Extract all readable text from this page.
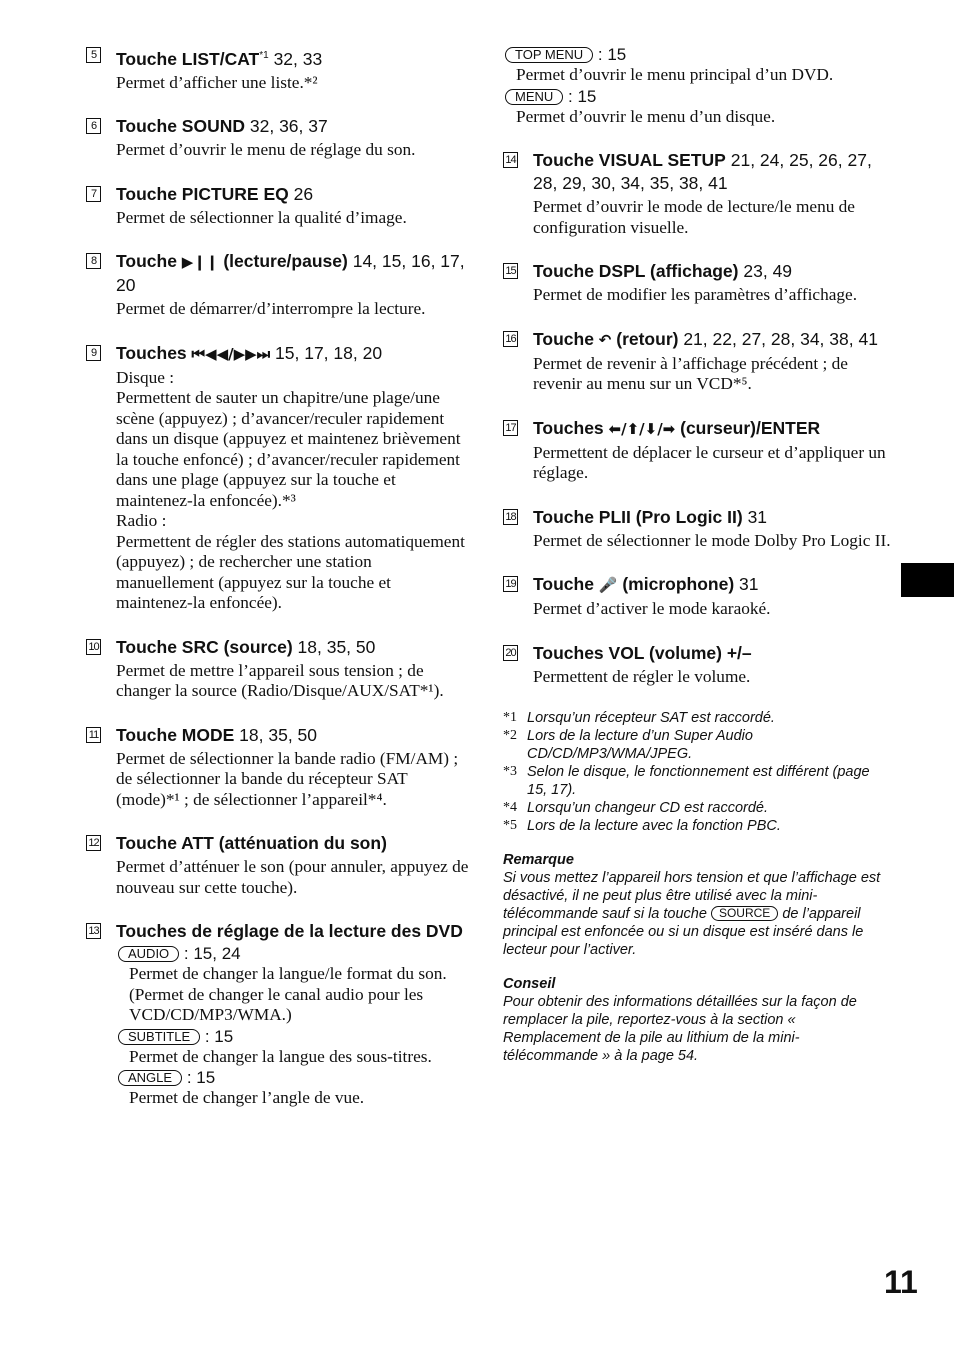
5 Touche LIST/CAT$^{*1}$ 32, 33
Permet d’afficher une liste.*²
6 Touche SOUND 32, 36, 37
Permet d’ouvrir le menu de réglage du son.
7 Touche PICTURE EQ 26
Permet de sélectionner la qualité d’image.
8 Touche ▶❙❙ (lecture/pause) 14, 15, 16, 17, 20
Permet de démarrer/d’interrompre la lecture.
9 Touches ⏮◀◀/▶▶⏭ 15, 17, 18, 20
Disque :
Permettent de sauter un chapitre/une plage/une scène (appuyez) ; d’avancer/reculer rapidement dans un disque (appuyez et maintenez brièvement la touche enfoncé) ; d’avancer/reculer rapidement dans une plage (appuyez sur la touche et maintenez-la enfoncée).*³
Radio :
Permettent de régler des stations automatiquement (appuyez) ; de rechercher une station manuellement (appuyez sur la touche et maintenez-la enfoncée).
10 Touche SRC (source) 18, 35, 50
Permet de mettre l’appareil sous tension ; de changer la source (Radio/Disque/AUX/SAT*¹).
11 Touche MODE 18, 35, 50
Permet de sélectionner la bande radio (FM/AM) ; de sélectionner la bande du récepteur SAT (mode)*¹ ; de sélectionner l’appareil*⁴.
12 Touche ATT (atténuation du son)
Permet d’atténuer le son (pour annuler, appuyez de nouveau sur cette touche).
13 Touches de réglage de la lecture des DVD
AUDIO : 15, 24
Permet de changer la langue/le format du son.
(Permet de changer le canal audio pour les VCD/CD/MP3/WMA.)
SUBTITLE : 15
Permet de changer la langue des sous-titres.
ANGLE : 15
Permet de changer l’angle de vue.
TOP MENU : 15
Permet d’ouvrir le menu principal d’un DVD.
MENU : 15
Permet d’ouvrir le menu d’un disque.
14 Touche VISUAL SETUP 21, 24, 25, 26, 27, 28, 29, 30, 34, 35, 38, 41
Permet d’ouvrir le mode de lecture/le menu de configuration visuelle.
15 Touche DSPL (affichage) 23, 49
Permet de modifier les paramètres d’affichage.
16 Touche ↶ (retour) 21, 22, 27, 28, 34, 38, 41
Permet de revenir à l’affichage précédent ; de revenir au menu sur un VCD*⁵.
17 Touches ⬅/⬆/⬇/➡ (curseur)/ENTER
Permettent de déplacer le curseur et d’appliquer un réglage.
18 Touche PLII (Pro Logic II) 31
Permet de sélectionner le mode Dolby Pro Logic II.
19 Touche 🎤 (microphone) 31
Permet d’activer le mode karaoké.
20 Touches VOL (volume) +/–
Permettent de régler le volume.
*1 Lorsqu’un récepteur SAT est raccordé.
*2 Lors de la lecture d’un Super Audio CD/CD/MP3/WMA/JPEG.
*3 Selon le disque, le fonctionnement est différent (page 15, 17).
*4 Lorsqu’un changeur CD est raccordé.
*5 Lors de la lecture avec la fonction PBC.
Remarque
Si vous mettez l’appareil hors tension et que l’affichage est désactivé, il ne peut plus être utilisé avec la mini-télécommande sauf si la touche SOURCE de l’appareil principal est enfoncée ou si un disque est inséré dans le lecteur pour l’activer.
Conseil
Pour obtenir des informations détaillées sur la façon de remplacer la pile, reportez-vous à la section « Remplacement de la pile au lithium de la mini-télécommande » à la page 54.
11
